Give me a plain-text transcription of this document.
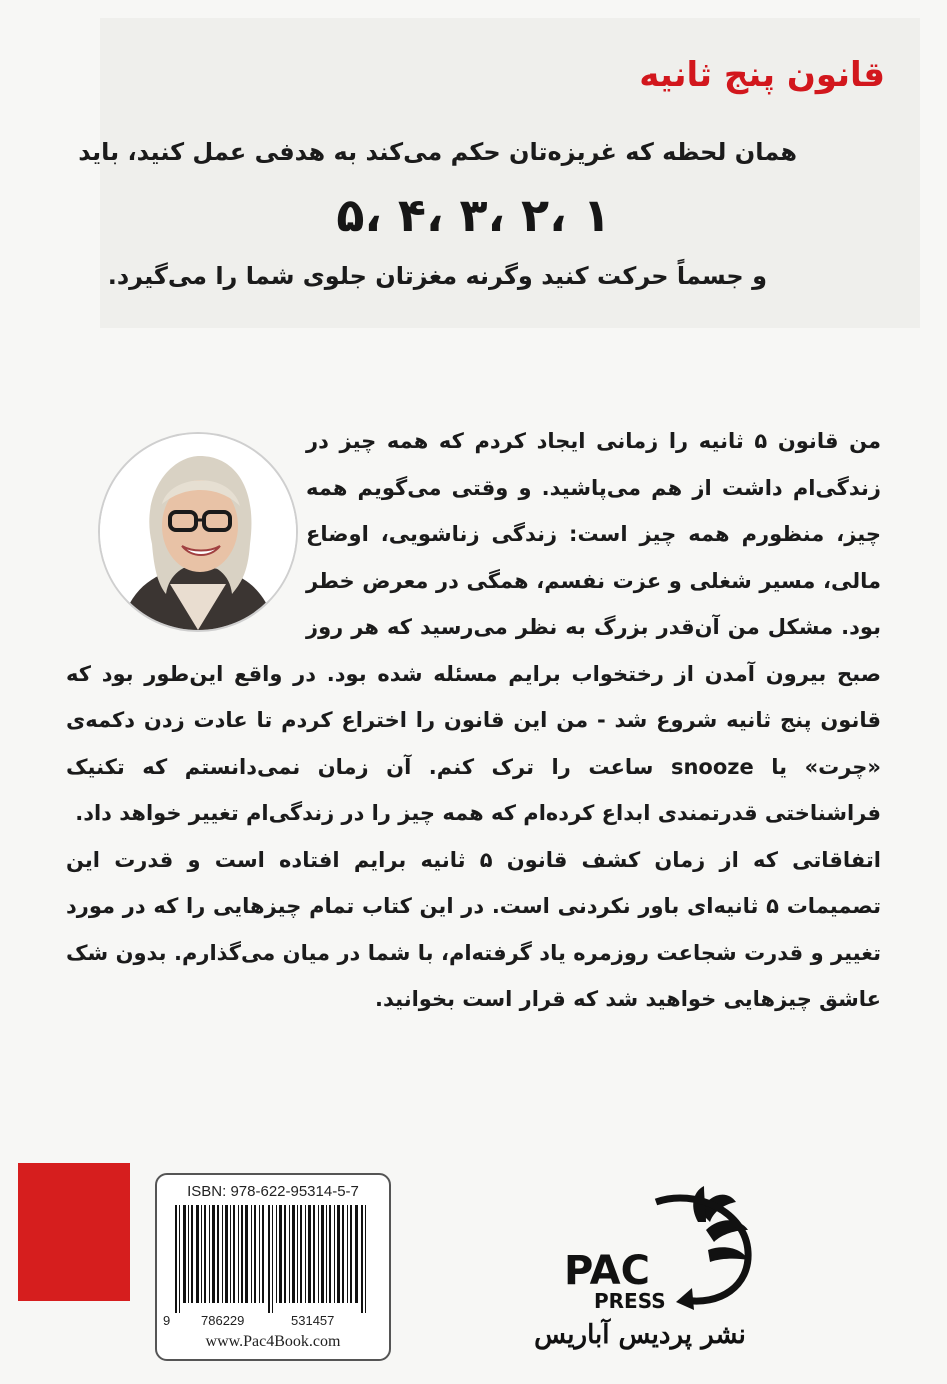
قانون پنج ثانیه
همان لحظه که غریزه‌تان حکم می‌کند به هدفی عمل کنید، باید
۵، ۴، ۳، ۲، ۱
و جسماً حرکت کنید وگرنه مغزتان جلوی شما را می‌گیرد.

من قانون ۵ ثانیه را زمانی ایجاد کردم که همه چیز در زندگی‌ام داشت از هم می‌پاشید. و وقتی می‌گویم همه چیز، منظورم همه چیز است: زندگی زناشویی، اوضاع مالی، مسیر شغلی و عزت نفسم، همگی در معرض خطر بود. مشکل من آن‌قدر بزرگ به نظر می‌رسید که هر روز صبح بیرون آمدن از رختخواب برایم مسئله شده بود. در واقع این‌طور بود که قانون پنج ثانیه شروع شد - من این قانون را اختراع کردم تا عادت زدن دکمه‌ی «چرت» یا snooze ساعت را ترک کنم. آن زمان نمی‌دانستم که تکنیک فراشناختی قدرتمندی ابداع کرده‌ام که همه چیز را در زندگی‌ام تغییر خواهد داد.

اتفاقاتی که از زمان کشف قانون ۵ ثانیه برایم افتاده است و قدرت این تصمیمات ۵ ثانیه‌ای باور نکردنی است. در این کتاب تمام چیزهایی را که در مورد تغییر و قدرت شجاعت روزمره یاد گرفته‌ام، با شما در میان می‌گذارم. بدون شک عاشق چیزهایی خواهید شد که قرار است بخوانید.

ISBN: 978-622-95314-5-7
9 786229	531457
www.Pac4Book.com
PAC
PRESS
نشر پردیس آباریس
